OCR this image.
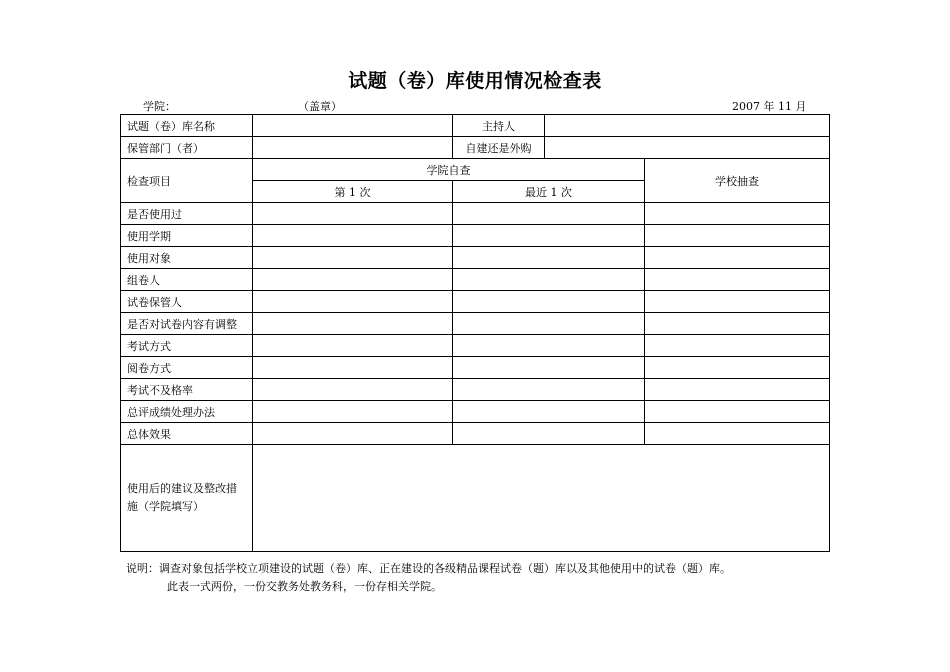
试题（卷）库使用情况检查表
学院：	（盖章）	2007 年 11 月
试题（卷）库名称		主持人		
保管部门（者）		自建还是外购		
检查项目	学院自查			学校抽查
	第 1 次	最近 1 次		
是否使用过				
使用学期				
使用对象				
组卷人				
试卷保管人				
是否对试卷内容有调整				
考试方式				
阅卷方式				
考试不及格率				
总评成绩处理办法				
总体效果				
使用后的建议及整改措施（学院填写）				
说明：调查对象包括学校立项建设的试题（卷）库、正在建设的各级精品课程试卷（题）库以及其他使用中的试卷（题）库。
此表一式两份，一份交教务处教务科，一份存相关学院。
